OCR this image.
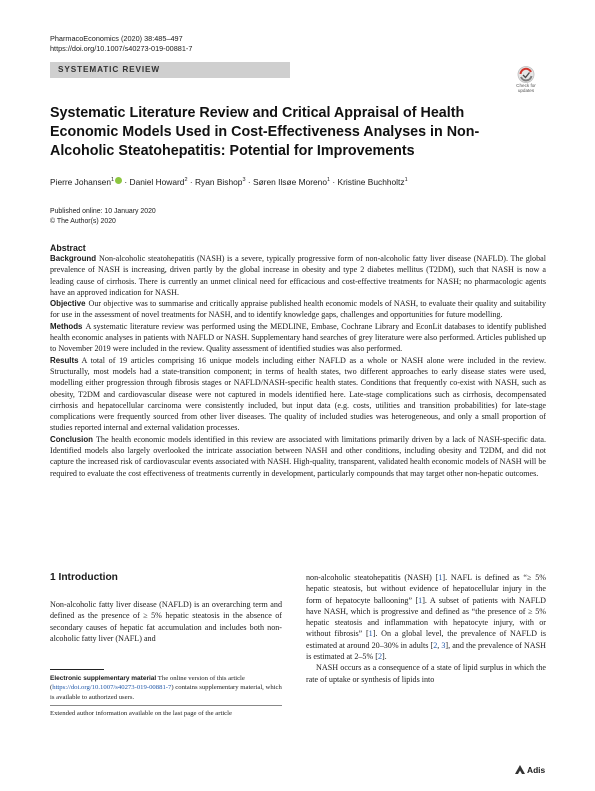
PharmacoEconomics (2020) 38:485–497
https://doi.org/10.1007/s40273-019-00881-7
SYSTEMATIC REVIEW
Check for updates
Systematic Literature Review and Critical Appraisal of Health Economic Models Used in Cost-Effectiveness Analyses in Non-Alcoholic Steatohepatitis: Potential for Improvements
Pierre Johansen$^1$ · Daniel Howard$^2$ · Ryan Bishop$^3$ · Søren Ilsøe Moreno$^1$ · Kristine Buchholtz$^1$
Published online: 10 January 2020
© The Author(s) 2020
Abstract

Background Non-alcoholic steatohepatitis (NASH) is a severe, typically progressive form of non-alcoholic fatty liver disease (NAFLD). The global prevalence of NASH is increasing, driven partly by the global increase in obesity and type 2 diabetes mellitus (T2DM), such that NASH is now a leading cause of cirrhosis. There is currently an unmet clinical need for efficacious and cost-effective treatments for NASH; no pharmacologic agents have an approved indication for NASH.

Objective Our objective was to summarise and critically appraise published health economic models of NASH, to evaluate their quality and suitability for use in the assessment of novel treatments for NASH, and to identify knowledge gaps, challenges and opportunities for future modelling.

Methods A systematic literature review was performed using the MEDLINE, Embase, Cochrane Library and EconLit databases to identify published health economic analyses in patients with NAFLD or NASH. Supplementary hand searches of grey literature were also performed. Articles published up to November 2019 were included in the review. Quality assessment of identified studies was also performed.

Results A total of 19 articles comprising 16 unique models including either NAFLD as a whole or NASH alone were included in the review. Structurally, most models had a state-transition component; in terms of health states, two different approaches to early disease states were used, modelling either progression through fibrosis stages or NAFLD/NASH-specific health states. Conditions that frequently co-exist with NASH, such as obesity, T2DM and cardiovascular disease were not captured in models identified here. Late-stage complications such as cirrhosis, decompensated cirrhosis and hepatocellular carcinoma were consistently included, but input data (e.g. costs, utilities and transition probabilities) for late-stage complications were frequently sourced from other liver diseases. The quality of included studies was heterogeneous, and only a small proportion of studies reported internal and external validation processes.

Conclusion The health economic models identified in this review are associated with limitations primarily driven by a lack of NASH-specific data. Identified models also largely overlooked the intricate association between NASH and other conditions, including obesity and T2DM, and did not capture the increased risk of cardiovascular events associated with NASH. High-quality, transparent, validated health economic models of NASH will be required to evaluate the cost effectiveness of treatments currently in development, particularly compounds that may target other non-hepatic outcomes.

1 Introduction
Non-alcoholic fatty liver disease (NAFLD) is an overarching term and defined as the presence of ≥ 5% hepatic steatosis in the absence of secondary causes of hepatic fat accumulation and includes both non-alcoholic fatty liver (NAFL) and
Electronic supplementary material The online version of this article (https://doi.org/10.1007/s40273-019-00881-7) contains supplementary material, which is available to authorized users.
Extended author information available on the last page of the article

non-alcoholic steatohepatitis (NASH) [1]. NAFL is defined as “≥ 5% hepatic steatosis, but without evidence of hepatocellular injury in the form of hepatocyte ballooning” [1]. A subset of patients with NAFLD have NASH, which is progressive and defined as “the presence of ≥ 5% hepatic steatosis and inflammation with hepatocyte injury, with or without fibrosis” [1]. On a global level, the prevalence of NAFLD is estimated at around 20–30% in adults [2, 3], and the prevalence of NASH is estimated at 2–5% [2].

NASH occurs as a consequence of a state of lipid surplus in which the rate of uptake or synthesis of lipids into

Adis
